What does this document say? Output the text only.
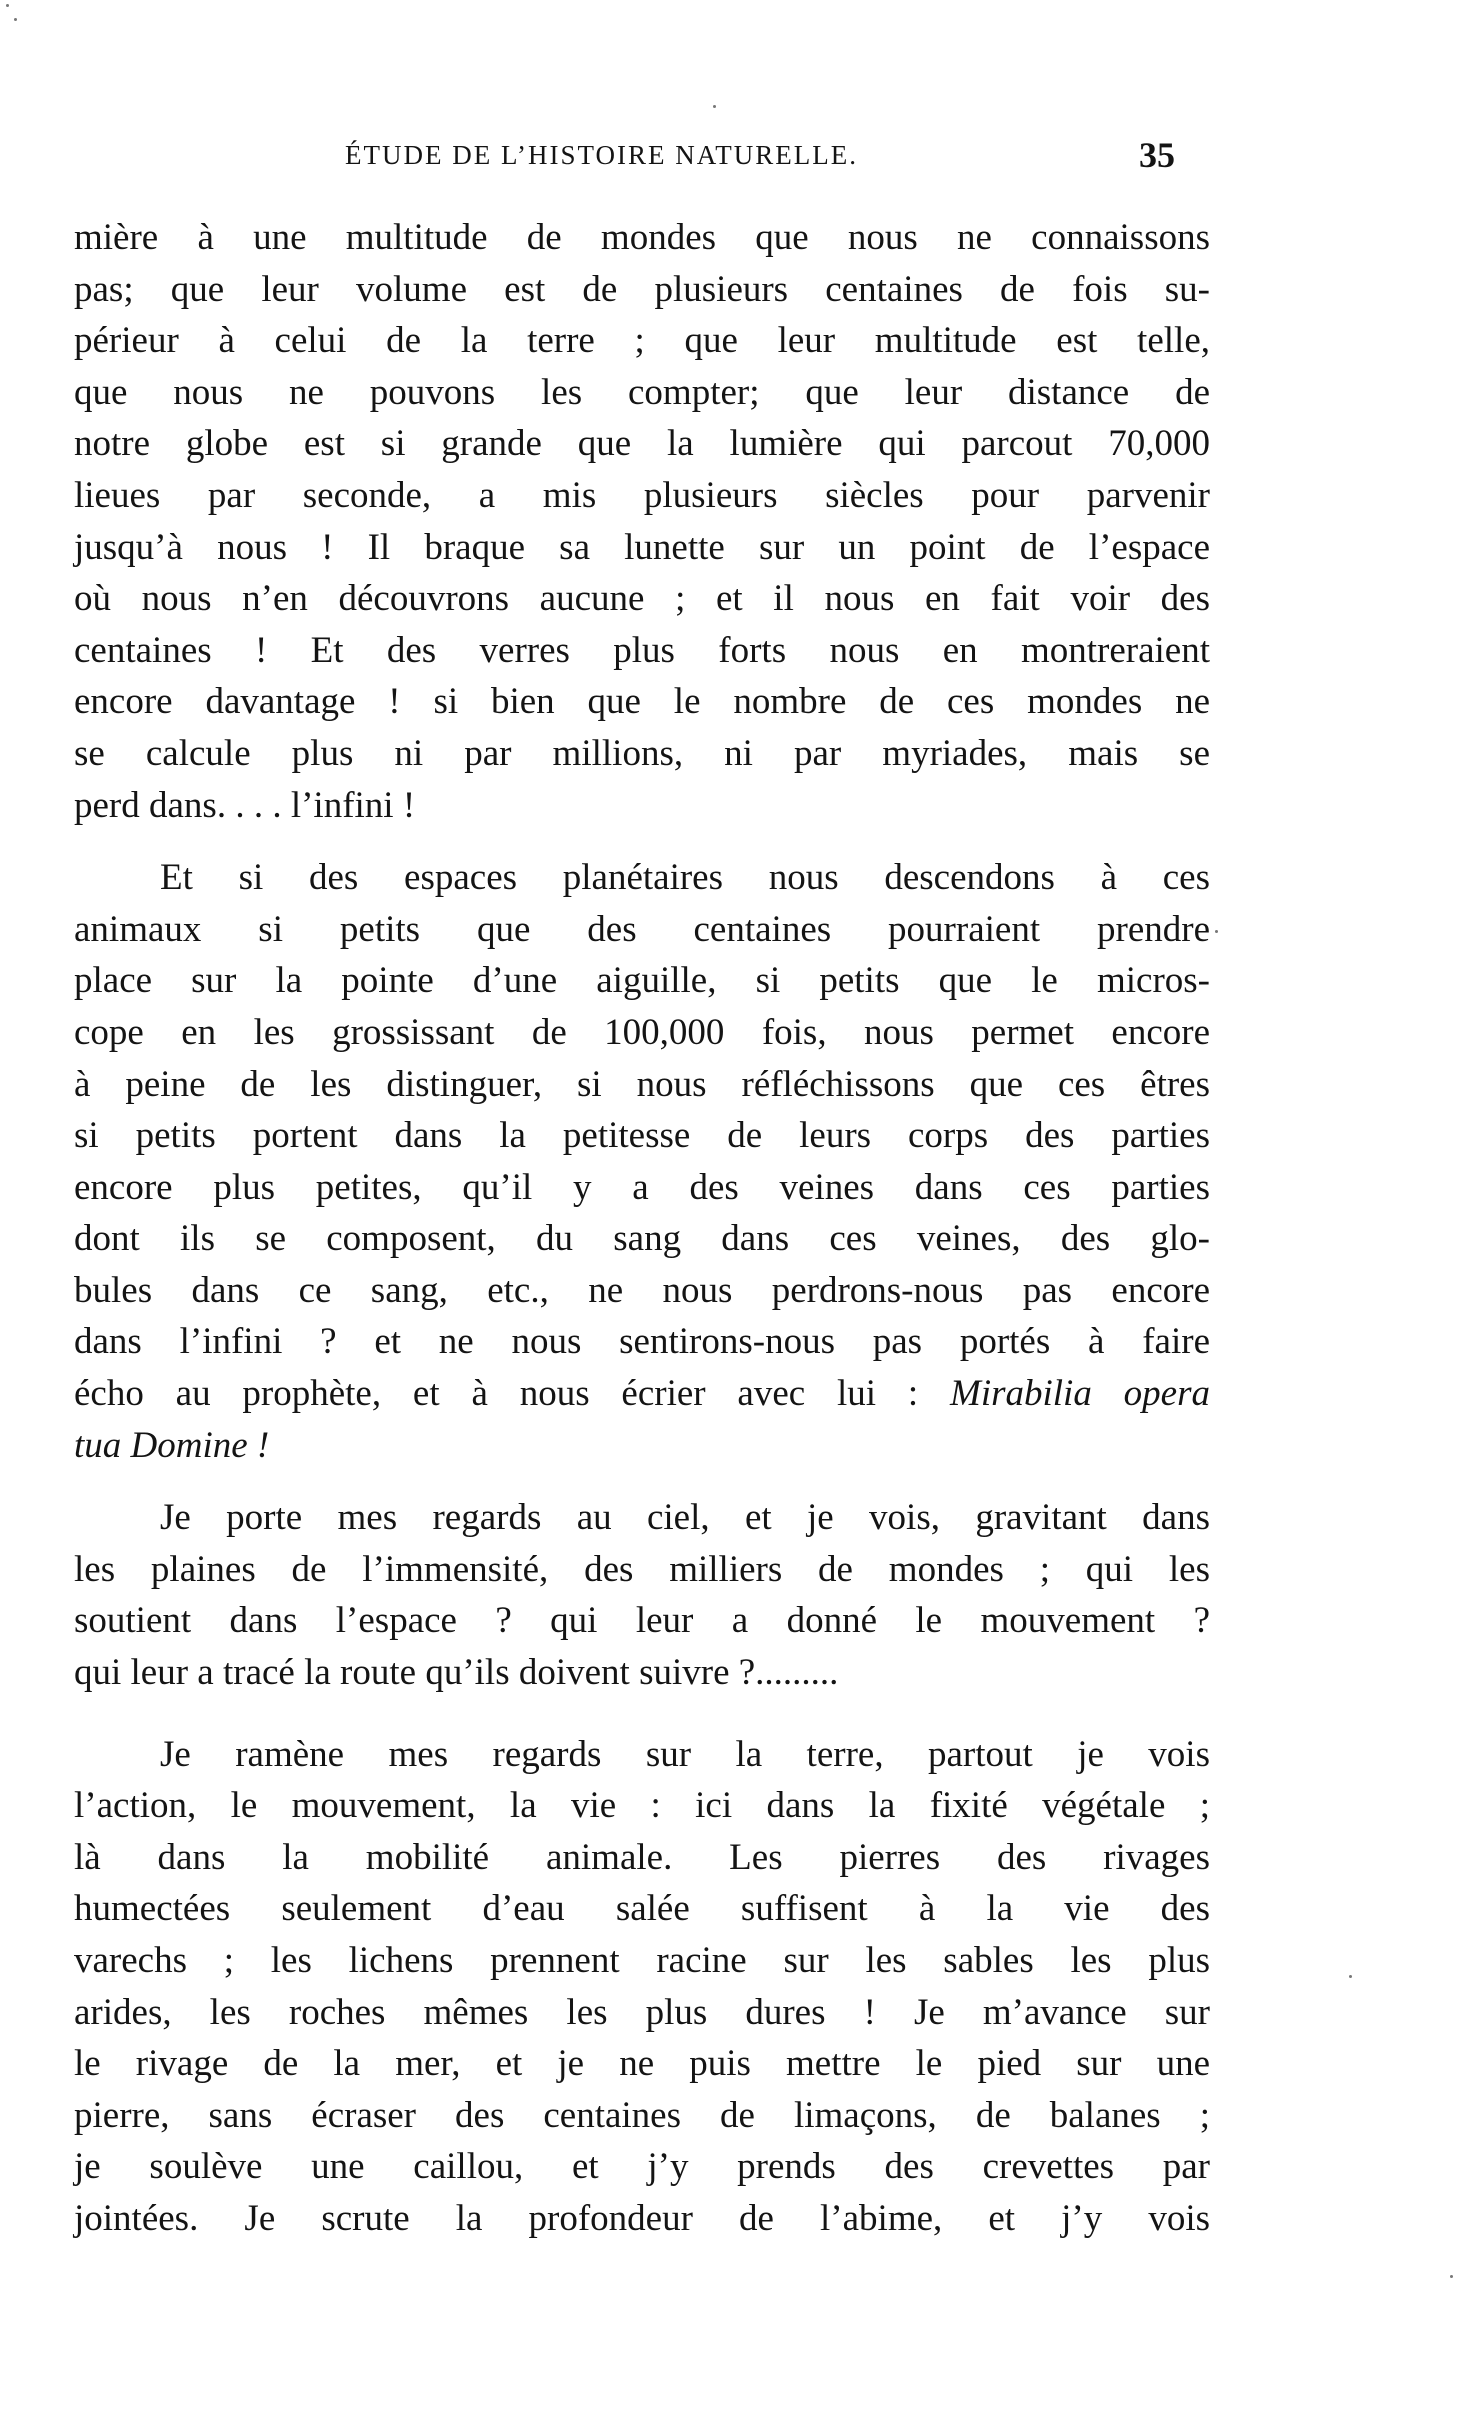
ÉTUDE DE L’HISTOIRE NATURELLE.	35
mière à une multitude de mondes que nous ne connaissons
pas; que leur volume est de plusieurs centaines de fois su-
périeur à celui de la terre ; que leur multitude est telle,
que nous ne pouvons les compter; que leur distance de
notre globe est si grande que la lumière qui parcout 70,000
lieues par seconde, a mis plusieurs siècles pour parvenir
jusqu’à nous ! Il braque sa lunette sur un point de l’espace
où nous n’en découvrons aucune ; et il nous en fait voir des
centaines ! Et des verres plus forts nous en montreraient
encore davantage ! si bien que le nombre de ces mondes ne
se calcule plus ni par millions, ni par myriades, mais se
perd dans. . . . l’infini !
Et si des espaces planétaires nous descendons à ces
animaux si petits que des centaines pourraient prendre
place sur la pointe d’une aiguille, si petits que le micros-
cope en les grossissant de 100,000 fois, nous permet encore
à peine de les distinguer, si nous réfléchissons que ces êtres
si petits portent dans la petitesse de leurs corps des parties
encore plus petites, qu’il y a des veines dans ces parties
dont ils se composent, du sang dans ces veines, des glo-
bules dans ce sang, etc., ne nous perdrons-nous pas encore
dans l’infini ? et ne nous sentirons-nous pas portés à faire
écho au prophète, et à nous écrier avec lui : Mirabilia opera
tua Domine !
Je porte mes regards au ciel, et je vois, gravitant dans
les plaines de l’immensité, des milliers de mondes ; qui les
soutient dans l’espace ? qui leur a donné le mouvement ?
qui leur a tracé la route qu’ils doivent suivre ?.........
Je ramène mes regards sur la terre, partout je vois
l’action, le mouvement, la vie : ici dans la fixité végétale ;
là dans la mobilité animale. Les pierres des rivages
humectées seulement d’eau salée suffisent à la vie des
varechs ; les lichens prennent racine sur les sables les plus
arides, les roches mêmes les plus dures ! Je m’avance sur
le rivage de la mer, et je ne puis mettre le pied sur une
pierre, sans écraser des centaines de limaçons, de balanes ;
je soulève une caillou, et j’y prends des crevettes par
jointées. Je scrute la profondeur de l’abime, et j’y vois
